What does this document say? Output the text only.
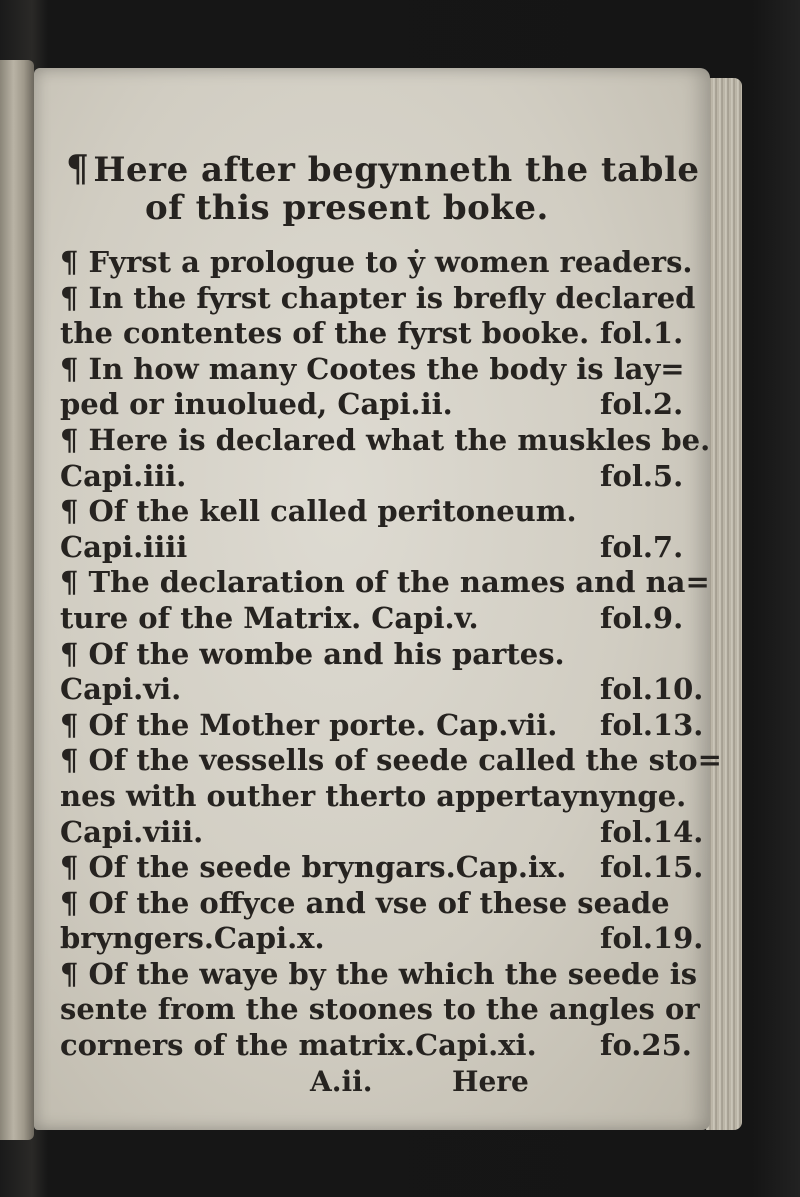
¶ Here after begynneth the table
of this present boke.
¶ Fyrst a prologue to ẏ women readers.
¶ In the fyrst chapter is brefly declared
the contentes of the fyrst booke. fol.1.
¶ In how many Cootes the body is lay=
ped or inuolued, Capi.ii.	fol.2.
¶ Here is declared what the muskles be.
Capi.iii.	fol.5.
¶ Of the kell called peritoneum.
Capi.iiii	fol.7.
¶ The declaration of the names and na=
ture of the Matrix. Capi.v.	fol.9.
¶ Of the wombe and his partes.
Capi.vi.	fol.10.
¶ Of the Mother porte. Cap.vii. fol.13.
¶ Of the vessells of seede called the sto=
nes with outher therto appertaynynge.
Capi.viii.	fol.14.
¶ Of the seede bryngars.Cap.ix. fol.15.
¶ Of the offyce and vse of these seade
bryngers.Capi.x.	fol.19.
¶ Of the waye by the which the seede is
sente from the stoones to the angles or
corners of the matrix.Capi.xi. fo.25.
A.ii.	Here
